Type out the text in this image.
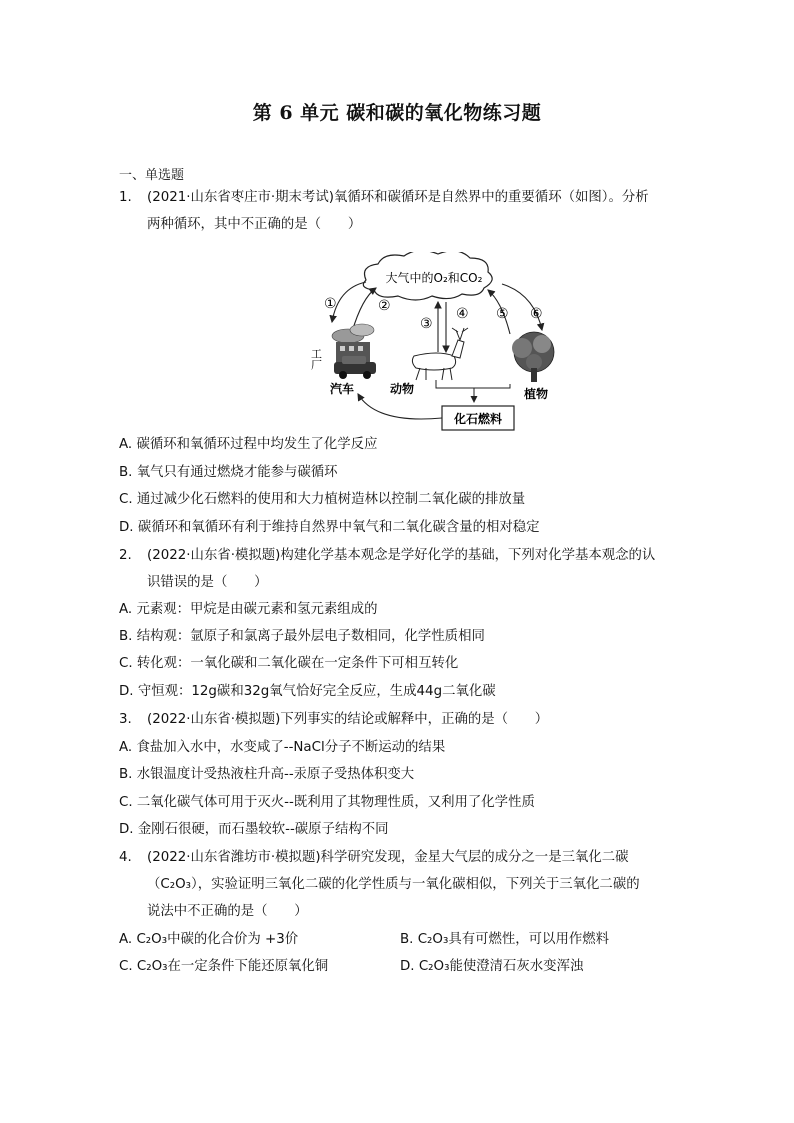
第 6 单元 碳和碳的氧化物练习题
一、单选题
1. (2021·山东省枣庄市·期末考试)氧循环和碳循环是自然界中的重要循环（如图）。分析
两种循环，其中不正确的是（　　）
大气中的O₂和CO₂
①	②
③
④ ⑤ ⑥
工厂
汽车	动物	植物
化石燃料
A. 碳循环和氧循环过程中均发生了化学反应
B. 氧气只有通过燃烧才能参与碳循环
C. 通过减少化石燃料的使用和大力植树造林以控制二氧化碳的排放量
D. 碳循环和氧循环有利于维持自然界中氧气和二氧化碳含量的相对稳定
2. (2022·山东省·模拟题)构建化学基本观念是学好化学的基础，下列对化学基本观念的认
识错误的是（　　）
A. 元素观：甲烷是由碳元素和氢元素组成的
B. 结构观：氩原子和氯离子最外层电子数相同，化学性质相同
C. 转化观：一氧化碳和二氧化碳在一定条件下可相互转化
D. 守恒观：12g碳和32g氧气恰好完全反应，生成44g二氧化碳
3. (2022·山东省·模拟题)下列事实的结论或解释中，正确的是（　　）
A. 食盐加入水中，水变咸了--NaCl分子不断运动的结果
B. 水银温度计受热液柱升高--汞原子受热体积变大
C. 二氧化碳气体可用于灭火--既利用了其物理性质，又利用了化学性质
D. 金刚石很硬，而石墨较软--碳原子结构不同
4. (2022·山东省潍坊市·模拟题)科学研究发现，金星大气层的成分之一是三氧化二碳
（C₂O₃），实验证明三氧化二碳的化学性质与一氧化碳相似，下列关于三氧化二碳的
说法中不正确的是（　　）
A. C₂O₃中碳的化合价为 +3价	B. C₂O₃具有可燃性，可以用作燃料
C. C₂O₃在一定条件下能还原氧化铜	D. C₂O₃能使澄清石灰水变浑浊
